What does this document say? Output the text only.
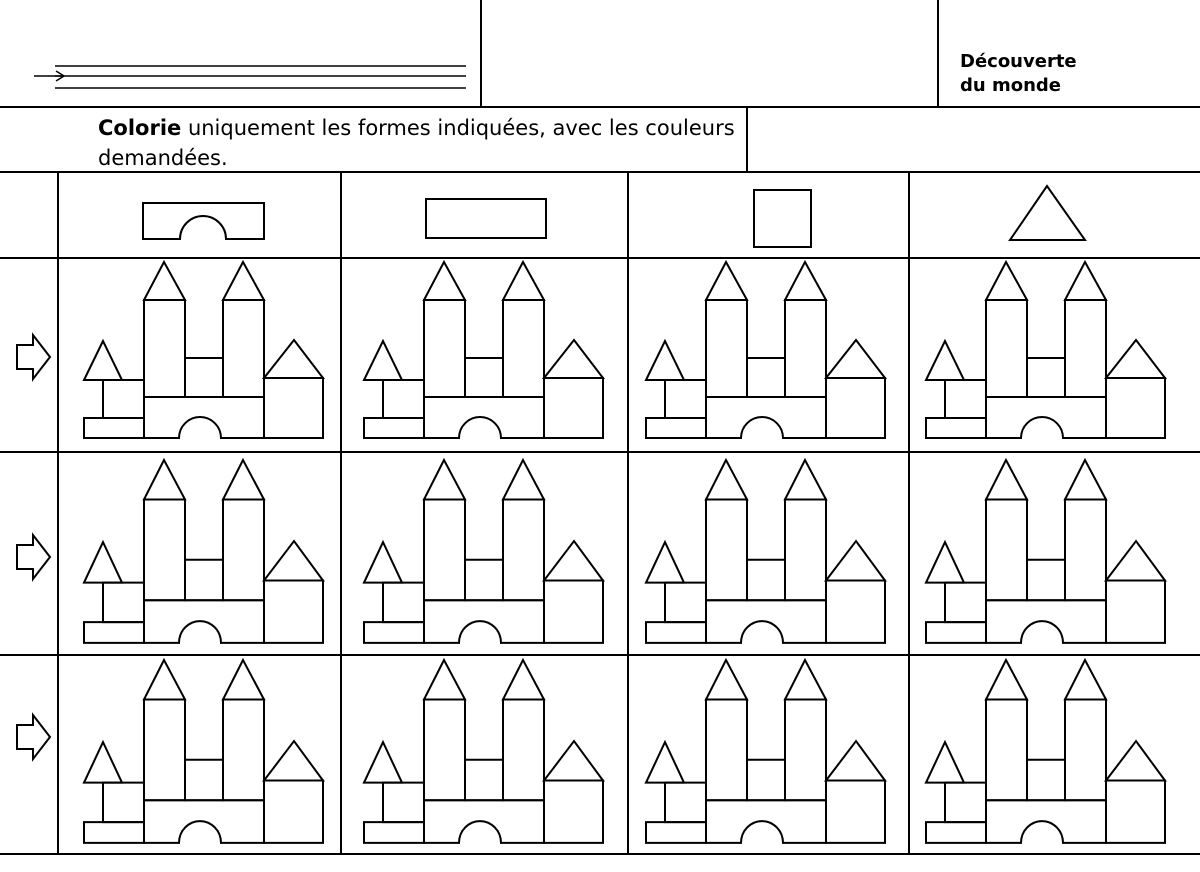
Découverte
du monde
Colorie uniquement les formes indiquées, avec les couleurs demandées.
